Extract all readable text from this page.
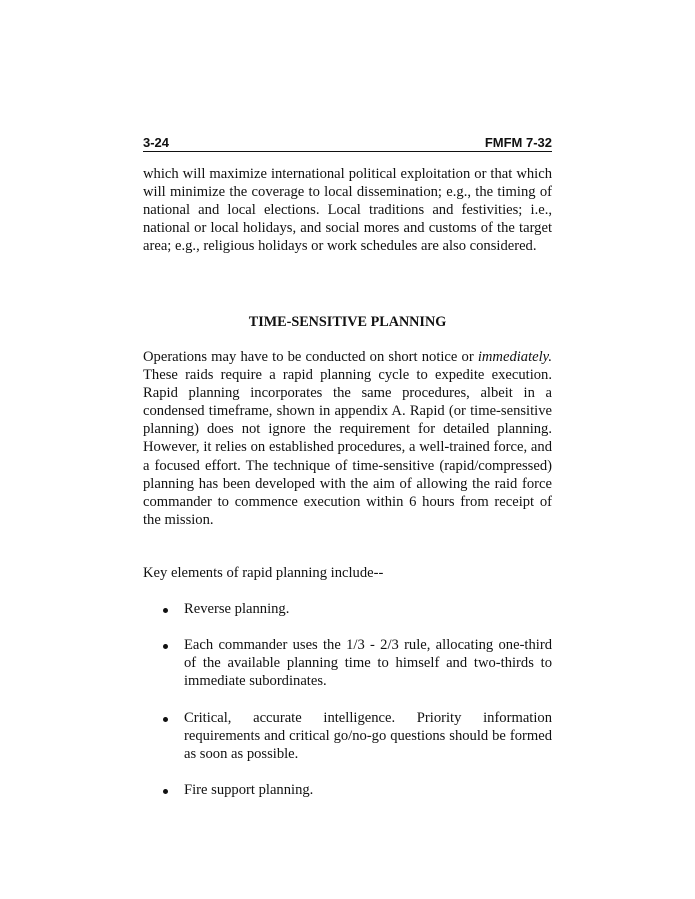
3-24	FMFM 7-32

which will maximize international political exploitation or that which will minimize the coverage to local dissemination; e.g., the timing of national and local elections. Local traditions and festivities; i.e., national or local holidays, and social mores and customs of the target area; e.g., religious holidays or work schedules are also considered.

TIME-SENSITIVE PLANNING

Operations may have to be conducted on short notice or immediately. These raids require a rapid planning cycle to expedite execution. Rapid planning incorporates the same procedures, albeit in a condensed timeframe, shown in appendix A. Rapid (or time-sensitive planning) does not ignore the requirement for detailed planning. However, it relies on established procedures, a well-trained force, and a focused effort. The technique of time-sensitive (rapid/compressed) planning has been developed with the aim of allowing the raid force commander to commence execution within 6 hours from receipt of the mission.

Key elements of rapid planning include--

Reverse planning.
Each commander uses the 1/3 - 2/3 rule, allocating one-third of the available planning time to himself and two-thirds to immediate subordinates.
Critical, accurate intelligence. Priority information requirements and critical go/no-go questions should be formed as soon as possible.
Fire support planning.
